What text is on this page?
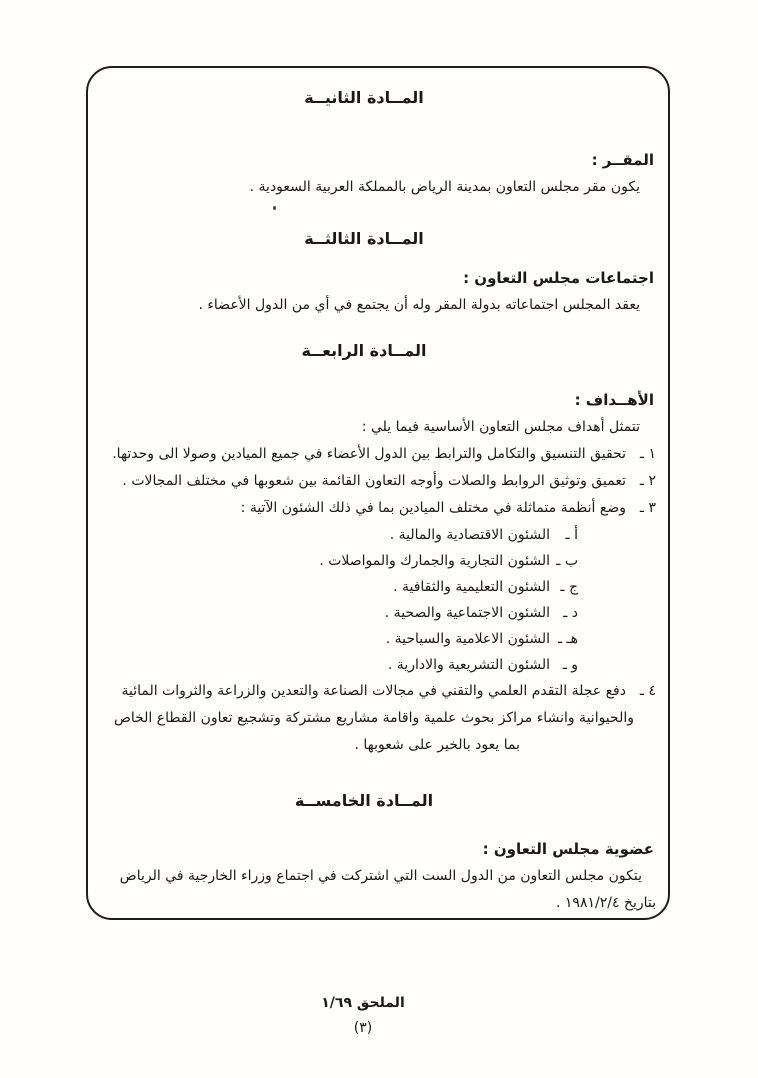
المــادة الثانيــة
المقــر :
يكون مقر مجلس التعاون بمدينة الرياض بالمملكة العربية السعودية .
المــادة الثالثــة
اجتماعات مجلس التعاون :
يعقد المجلس اجتماعاته بدولة المقر وله أن يجتمع في أي من الدول الأعضاء .
المــادة الرابعــة
الأهــداف :
تتمثل أهداف مجلس التعاون الأساسية فيما يلي :
١ ـ
تحقيق التنسيق والتكامل والترابط بين الدول الأعضاء في جميع الميادين وصولا الى وحدتها.
٢ ـ
تعميق وتوثيق الروابط والصلات وأوجه التعاون القائمة بين شعوبها في مختلف المجالات .
٣ ـ
وضع أنظمة متماثلة في مختلف الميادين بما في ذلك الشئون الآتية :
أ ـ
الشئون الاقتصادية والمالية .
ب ـ
الشئون التجارية والجمارك والمواصلات .
ج ـ
الشئون التعليمية والثقافية .
د ـ
الشئون الاجتماعية والصحية .
هـ ـ
الشئون الاعلامية والسياحية .
و ـ
الشئون التشريعية والادارية .
٤ ـ
دفع عجلة التقدم العلمي والتقني في مجالات الصناعة والتعدين والزراعة والثروات المائية
والحيوانية وانشاء مراكز بحوث علمية واقامة مشاريع مشتركة وتشجيع تعاون القطاع الخاص
بما يعود بالخير على شعوبها .
المــادة الخامســة
عضوية مجلس التعاون :
يتكون مجلس التعاون من الدول الست التي اشتركت في اجتماع وزراء الخارجية في الرياض
بتاريخ ١٩٨١/٢/٤ .
الملحق ١/٦٩
(٣)
